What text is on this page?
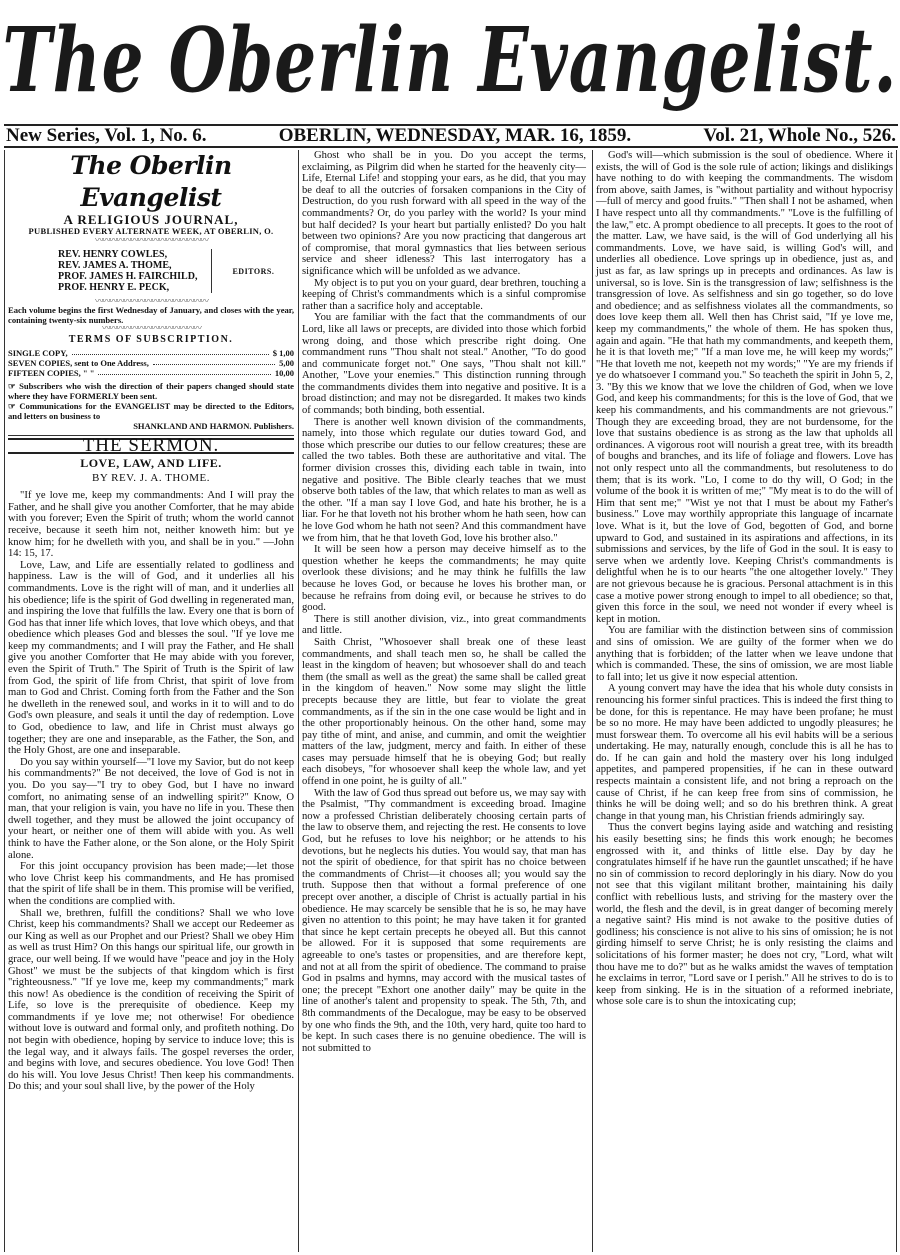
The Oberlin Evangelist.
New Series, Vol. 1, No. 6.	OBERLIN, WEDNESDAY, MAR. 16, 1859.	Vol. 21, Whole No., 526.
The Oberlin Evangelist
A RELIGIOUS JOURNAL,
PUBLISHED EVERY ALTERNATE WEEK, AT OBERLIN, O.
〰〰〰〰〰〰〰〰〰〰〰〰〰〰〰〰
REV. HENRY COWLES,
REV. JAMES A. THOME,
PROF. JAMES H. FAIRCHILD,
PROF. HENRY E. PECK,
EDITORS.
〰〰〰〰〰〰〰〰〰〰〰〰〰〰〰〰
Each volume begins the first Wednesday of January, and closes with the year, containing twenty-six numbers.
〰〰〰〰〰〰〰〰〰〰〰〰〰〰
TERMS OF SUBSCRIPTION.
SINGLE COPY,	$ 1,00
SEVEN COPIES, sent to One Address,	5,00
FIFTEEN COPIES, " "	10,00
☞ Subscribers who wish the direction of their papers changed should state where they have FORMERLY been sent.
☞ Communications for the EVANGELIST may be directed to the Editors, and letters on business to
SHANKLAND AND HARMON. Publishers.
THE SERMON.
LOVE, LAW, AND LIFE.
BY REV. J. A. THOME.

"If ye love me, keep my commandments: And I will pray the Father, and he shall give you another Comforter, that he may abide with you forever; Even the Spirit of truth; whom the world cannot receive, because it seeth him not, neither knoweth him: but ye know him; for he dwelleth with you, and shall be in you." —John 14: 15, 17.

Love, Law, and Life are essentially related to godliness and happiness. Law is the will of God, and it underlies all his commandments. Love is the right will of man, and it underlies all his obedience; life is the spirit of God dwelling in regenerated man, and inspiring the love that fulfills the law. Every one that is born of God has that inner life which loves, that love which obeys, and that obedience which pleases God and blesses the soul. "If ye love me keep my commandments; and I will pray the Father, and He shall give you another Comforter that He may abide with you forever, even the Spirit of Truth." The Spirit of Truth is the Spirit of law from God, the spirit of life from Christ, that spirit of love from man to God and Christ. Coming forth from the Father and the Son he dwelleth in the renewed soul, and works in it to will and to do God's own pleasure, and seals it until the day of redemption. Love to God, obedience to law, and life in Christ must always go together; they are one and inseparable, as the Father, the Son, and the Holy Ghost, are one and inseparable.

Do you say within yourself—"I love my Savior, but do not keep his commandments?" Be not deceived, the love of God is not in you. Do you say—"I try to obey God, but I have no inward comfort, no animating sense of an indwelling spirit?" Know, O man, that your religion is vain, you have no life in you. These then dwell together, and they must be allowed the joint occupancy of your heart, or neither one of them will abide with you. As well think to have the Father alone, or the Son alone, or the Holy Spirit alone.

For this joint occupancy provision has been made;—let those who love Christ keep his commandments, and He has promised that the spirit of life shall be in them. This promise will be verified, when the conditions are complied with.

Shall we, brethren, fulfill the conditions? Shall we who love Christ, keep his commandments? Shall we accept our Redeemer as our King as well as our Prophet and our Priest? Shall we obey Him as well as trust Him? On this hangs our spiritual life, our growth in grace, our well being. If we would have "peace and joy in the Holy Ghost" we must be the subjects of that kingdom which is first "righteousness." "If ye love me, keep my commandments;" mark this now! As obedience is the condition of receiving the Spirit of Life, so love is the prerequisite of obedience. Keep my commandments if ye love me; not otherwise! For obedience without love is outward and formal only, and profiteth nothing. Do not begin with obedience, hoping by service to induce love; this is the legal way, and it always fails. The gospel reverses the order, and begins with love, and secures obedience. You love God! Then do his will. You love Jesus Christ! Then keep his commandments. Do this; and your soul shall live, by the power of the Holy

Ghost who shall be in you. Do you accept the terms, exclaiming, as Pilgrim did when he started for the heavenly city—Life, Eternal Life! and stopping your ears, as he did, that you may be deaf to all the outcries of forsaken companions in the City of Destruction, do you rush forward with all speed in the way of the commandments? Or, do you parley with the world? Is your mind but half decided? Is your heart but partially enlisted? Do you halt between two opinions? Are you now practicing that dangerous art of compromise, that moral gymnastics that lies between serious service and sheer idleness? This last interrogatory has a significance which will be unfolded as we advance.

My object is to put you on your guard, dear brethren, touching a keeping of Christ's commandments which is a sinful compromise rather than a sacrifice holy and acceptable.

You are familiar with the fact that the commandments of our Lord, like all laws or precepts, are divided into those which forbid wrong doing, and those which prescribe right doing. One commandment runs "Thou shalt not steal." Another, "To do good and communicate forget not." One says, "Thou shalt not kill." Another, "Love your enemies." This distinction running through the commandments divides them into negative and positive. It is a broad distinction; and may not be disregarded. It makes two kinds of commands; both binding, both essential.

There is another well known division of the commandments, namely, into those which regulate our duties toward God, and those which prescribe our duties to our fellow creatures; these are called the two tables. Both these are authoritative and vital. The former division crosses this, dividing each table in twain, into negative and positive. The Bible clearly teaches that we must observe both tables of the law, that which relates to man as well as the other. "If a man say I love God, and hate his brother, he is a liar. For he that loveth not his brother whom he hath seen, how can he love God whom he hath not seen? And this commandment have we from him, that he that loveth God, love his brother also."

It will be seen how a person may deceive himself as to the question whether he keeps the commandments; he may quite overlook these divisions; and he may think he fulfills the law because he loves God, or because he loves his brother man, or because he refrains from doing evil, or because he strives to do good.

There is still another division, viz., into great commandments and little.

Saith Christ, "Whosoever shall break one of these least commandments, and shall teach men so, he shall be called the least in the kingdom of heaven; but whosoever shall do and teach them (the small as well as the great) the same shall be called great in the kingdom of heaven." Now some may slight the little precepts because they are little, but fear to violate the great commandments, as if the sin in the one case would be light and in the other proportionably heinous. On the other hand, some may pay tithe of mint, and anise, and cummin, and omit the weightier matters of the law, judgment, mercy and faith. In either of these cases may persuade himself that he is obeying God; but really each disobeys, "for whosoever shall keep the whole law, and yet offend in one point, he is guilty of all."

With the law of God thus spread out before us, we may say with the Psalmist, "Thy commandment is exceeding broad. Imagine now a professed Christian deliberately choosing certain parts of the law to observe them, and rejecting the rest. He consents to love God, but he refuses to love his neighbor; or he attends to his devotions, but he neglects his duties. You would say, that man has not the spirit of obedience, for that spirit has no choice between the commandments of Christ—it chooses all; you would say the truth. Suppose then that without a formal preference of one precept over another, a disciple of Christ is actually partial in his obedience. He may scarcely be sensible that he is so, he may have given no attention to this point; he may have taken it for granted that since he kept certain precepts he obeyed all. But this cannot be allowed. For it is supposed that some requirements are agreeable to one's tastes or propensities, and are therefore kept, and not at all from the spirit of obedience. The command to praise God in psalms and hymns, may accord with the musical tastes of one; the precept "Exhort one another daily" may be quite in the line of another's talent and propensity to speak. The 5th, 7th, and 8th commandments of the Decalogue, may be easy to be observed by one who finds the 9th, and the 10th, very hard, quite too hard to be kept. In such cases there is no genuine obedience. The will is not submitted to

God's will—which submission is the soul of obedience. Where it exists, the will of God is the sole rule of action; likings and dislikings have nothing to do with keeping the commandments. The wisdom from above, saith James, is "without partiality and without hypocrisy—full of mercy and good fruits." "Then shall I not be ashamed, when I have respect unto all thy commandments." "Love is the fulfilling of the law," etc. A prompt obedience to all precepts. It goes to the root of the matter. Law, we have said, is the will of God underlying all his commandments. Love, we have said, is willing God's will, and underlies all obedience. Love springs up in obedience, just as, and just as far, as law springs up in precepts and ordinances. As law is universal, so is love. Sin is the transgression of law; selfishness is the transgression of love. As selfishness and sin go together, so do love and obedience; and as selfishness violates all the commandments, so does love keep them all. Well then has Christ said, "If ye love me, keep my commandments," the whole of them. He has spoken thus, again and again. "He that hath my commandments, and keepeth them, he it is that loveth me;" "If a man love me, he will keep my words;" "He that loveth me not, keepeth not my words;" "Ye are my friends if ye do whatsoever I command you." So teacheth the spirit in John 5, 2, 3. "By this we know that we love the children of God, when we love God, and keep his commandments; for this is the love of God, that we keep his commandments, and his commandments are not grievous." Though they are exceeding broad, they are not burdensome, for the love that sustains obedience is as strong as the law that upholds all ordinances. A vigorous root will nourish a great tree, with its breadth of boughs and branches, and its life of foliage and flowers. Love has not only respect unto all the commandments, but resoluteness to do them; that is its work. "Lo, I come to do thy will, O God; in the volume of the book it is written of me;" "My meat is to do the will of Him that sent me;" "Wist ye not that I must be about my Father's business." Love may worthily appropriate this language of incarnate love. What is it, but the love of God, begotten of God, and borne upward to God, and sustained in its aspirations and affections, in its submissions and services, by the life of God in the soul. It is easy to serve when we ardently love. Keeping Christ's commandments is delightful when he is to our hearts "the one altogether lovely." They are not grievous because he is gracious. Personal attachment is in this case a motive power strong enough to impel to all obedience; so that, given this force in the soul, we need not wonder if every wheel is kept in motion.

You are familiar with the distinction between sins of commission and sins of omission. We are guilty of the former when we do anything that is forbidden; of the latter when we leave undone that which is commanded. These, the sins of omission, we are most liable to fall into; let us give it now especial attention.

A young convert may have the idea that his whole duty consists in renouncing his former sinful practices. This is indeed the first thing to be done, for this is repentance. He may have been profane; he must be so no more. He may have been addicted to ungodly pleasures; he must forswear them. To overcome all his evil habits will be a serious undertaking. He may, naturally enough, conclude this is all he has to do. If he can gain and hold the mastery over his long indulged appetites, and pampered propensities, if he can in these outward respects maintain a consistent life, and not bring a reproach on the cause of Christ, if he can keep free from sins of commission, he thinks he will be doing well; and so do his brethren think. A great change in that young man, his Christian friends admiringly say.

Thus the convert begins laying aside and watching and resisting his easily besetting sins; he finds this work enough; he becomes engrossed with it, and thinks of little else. Day by day he congratulates himself if he have run the gauntlet unscathed; if he have no sin of commission to record deploringly in his diary. Now do you not see that this vigilant militant brother, maintaining his daily conflict with rebellious lusts, and striving for the mastery over the world, the flesh and the devil, is in great danger of becoming merely a negative saint? His mind is not awake to the positive duties of godliness; his conscience is not alive to his sins of omission; he is not girding himself to serve Christ; he is only resisting the claims and solicitations of his former master; he does not cry, "Lord, what wilt thou have me to do?" but as he walks amidst the waves of temptation he exclaims in terror, "Lord save or I perish." All he strives to do is to keep from sinking. He is in the situation of a reformed inebriate, whose sole care is to shun the intoxicating cup;
